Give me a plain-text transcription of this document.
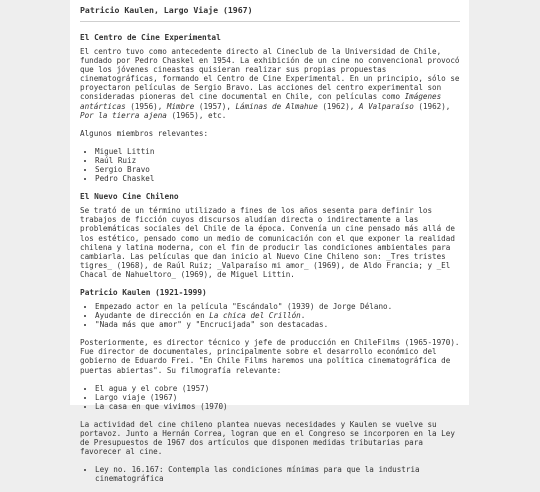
Patricio Kaulen, Largo Viaje (1967)
El Centro de Cine Experimental

El centro tuvo como antecedente directo al Cineclub de la Universidad de Chile, fundado por Pedro Chaskel en 1954. La exhibición de un cine no convencional provocó que los jóvenes cineastas quisieran realizar sus propias propuestas cinematográficas, formando el Centro de Cine Experimental. En un principio, sólo se proyectaron películas de Sergio Bravo. Las acciones del centro experimental son consideradas pioneras del cine documental en Chile, con películas como Imágenes antárticas (1956), Mimbre (1957), Láminas de Almahue (1962), A Valparaíso (1962), Por la tierra ajena (1965), etc.

Algunos miembros relevantes:

• Miguel Littin
• Raúl Ruiz
• Sergio Bravo
• Pedro Chaskel
El Nuevo Cine Chileno

Se trató de un término utilizado a fines de los años sesenta para definir los trabajos de ficción cuyos discursos aludían directa o indirectamente a las problemáticas sociales del Chile de la época. Convenía un cine pensado más allá de los estético, pensado como un medio de comunicación con el que exponer la realidad chilena y latina moderna, con el fin de producir las condiciones ambientales para cambiarla. Las películas que dan inicio al Nuevo Cine Chileno son: _Tres tristes tigres_ (1968), de Raúl Ruiz; _Valparaíso mi amor_ (1969), de Aldo Francia; y _El Chacal de Nahueltoro_ (1969), de Miguel Littin.

Patricio Kaulen (1921-1999)
• Empezado actor en la película "Escándalo" (1939) de Jorge Délano.
• Ayudante de dirección en La chica del Crillón.
• "Nada más que amor" y "Encrucijada" son destacadas.

Posteriormente, es director técnico y jefe de producción en ChileFilms (1965-1970). Fue director de documentales, principalmente sobre el desarrollo económico del gobierno de Eduardo Frei. "En Chile Films haremos una política cinematográfica de puertas abiertas". Su filmografía relevante:

• El agua y el cobre (1957)
• Largo viaje (1967)
• La casa en que vivimos (1970)

La actividad del cine chileno plantea nuevas necesidades y Kaulen se vuelve su portavoz. Junto a Hernán Correa, logran que en el Congreso se incorporen en la Ley de Presupuestos de 1967 dos artículos que disponen medidas tributarias para favorecer al cine.

• Ley no. 16.167: Contempla las condiciones mínimas para que la industria cinematográfica
